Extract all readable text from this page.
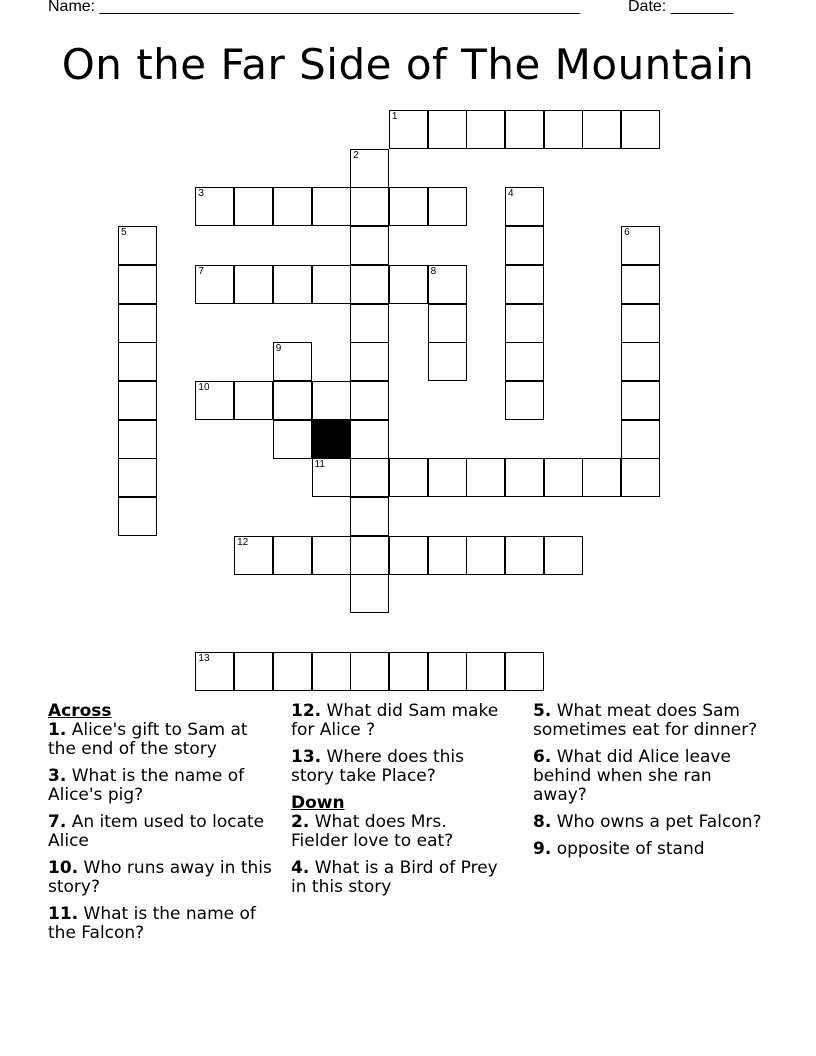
Name: ______________________________________________________	Date: _______
On the Far Side of The Mountain
1
2
3	4
5	6
7	8
9
10
11
12
13
Across
1. Alice's gift to Sam at the end of the story
3. What is the name of Alice's pig?
7. An item used to locate Alice
10. Who runs away in this story?
11. What is the name of the Falcon?
12. What did Sam make for Alice ?
13. Where does this story take Place?
Down
2. What does Mrs. Fielder love to eat?
4. What is a Bird of Prey in this story
5. What meat does Sam sometimes eat for dinner?
6. What did Alice leave behind when she ran away?
8. Who owns a pet Falcon?
9. opposite of stand
